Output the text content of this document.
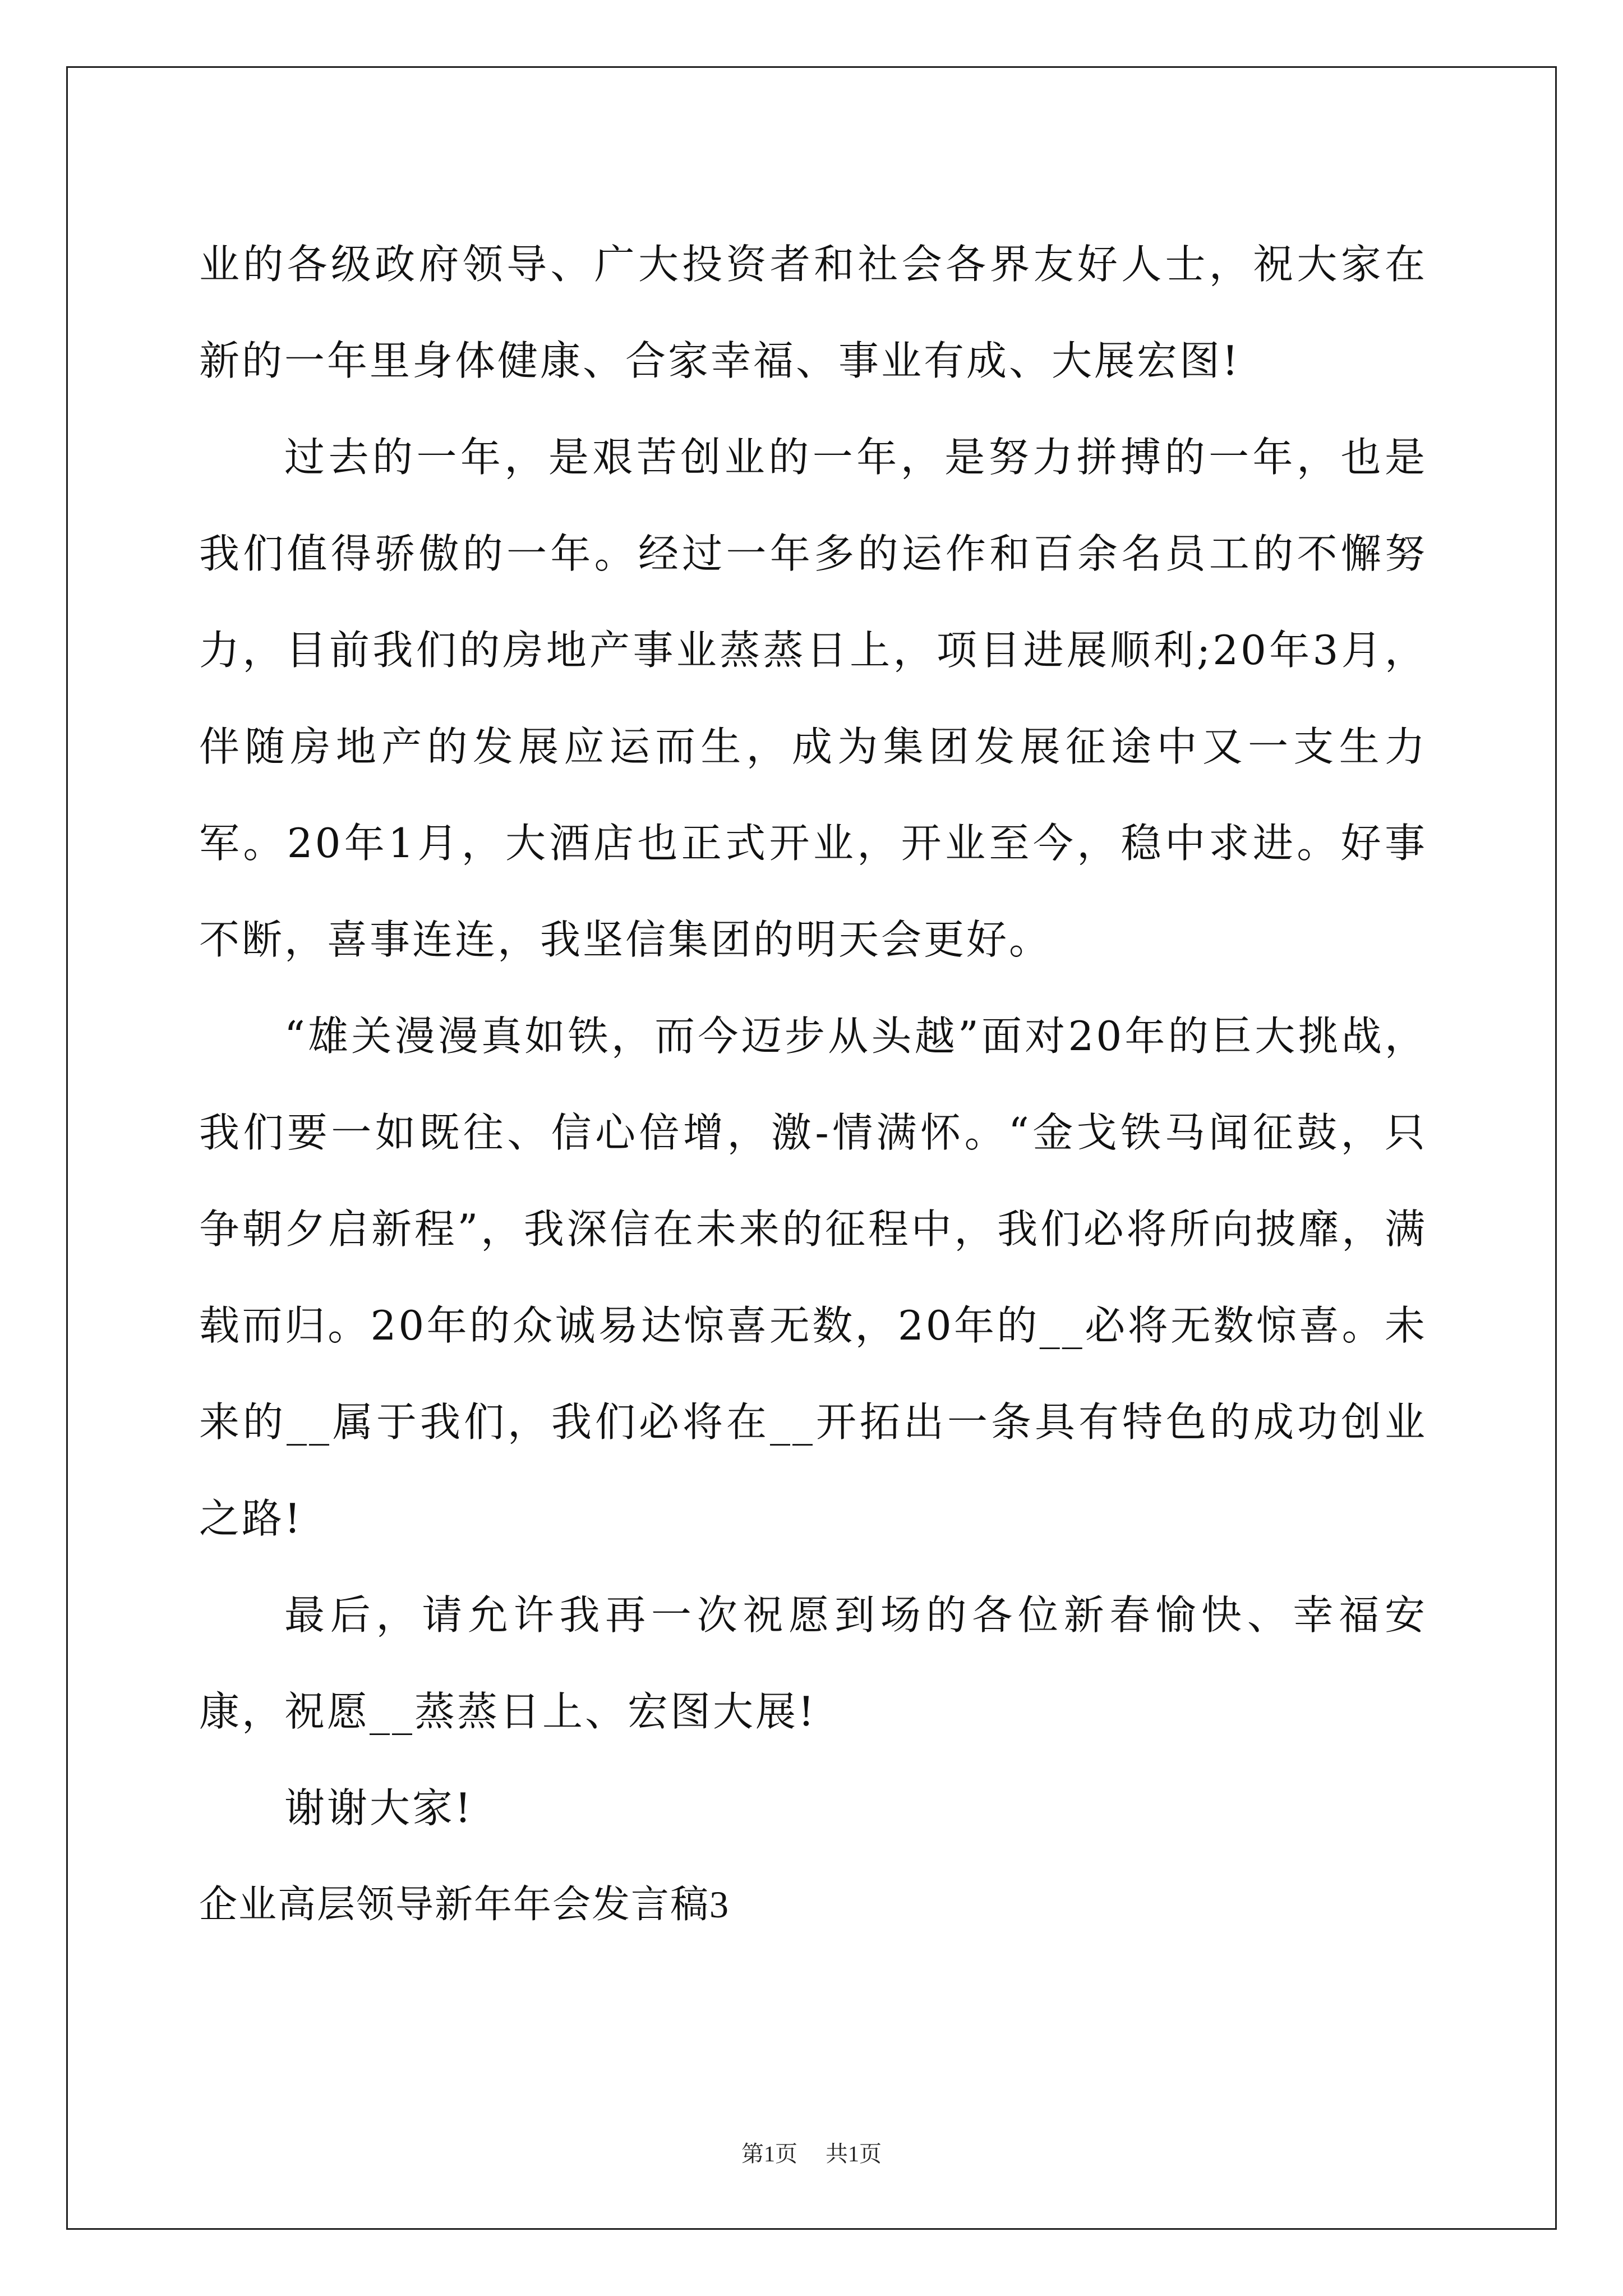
业的各级政府领导、广大投资者和社会各界友好人士，祝大家在新的一年里身体健康、合家幸福、事业有成、大展宏图!

过去的一年，是艰苦创业的一年，是努力拼搏的一年，也是我们值得骄傲的一年。经过一年多的运作和百余名员工的不懈努力，目前我们的房地产事业蒸蒸日上，项目进展顺利;20年3月，伴随房地产的发展应运而生，成为集团发展征途中又一支生力军。20年1月，大酒店也正式开业，开业至今，稳中求进。好事不断，喜事连连，我坚信集团的明天会更好。

“雄关漫漫真如铁，而今迈步从头越”面对20年的巨大挑战，我们要一如既往、信心倍增，激-情满怀。“金戈铁马闻征鼓，只争朝夕启新程”，我深信在未来的征程中，我们必将所向披靡，满载而归。20年的众诚易达惊喜无数，20年的__必将无数惊喜。未来的__属于我们，我们必将在__开拓出一条具有特色的成功创业之路!

最后，请允许我再一次祝愿到场的各位新春愉快、幸福安康，祝愿__蒸蒸日上、宏图大展!

谢谢大家!

企业高层领导新年年会发言稿3

第1页 共1页
